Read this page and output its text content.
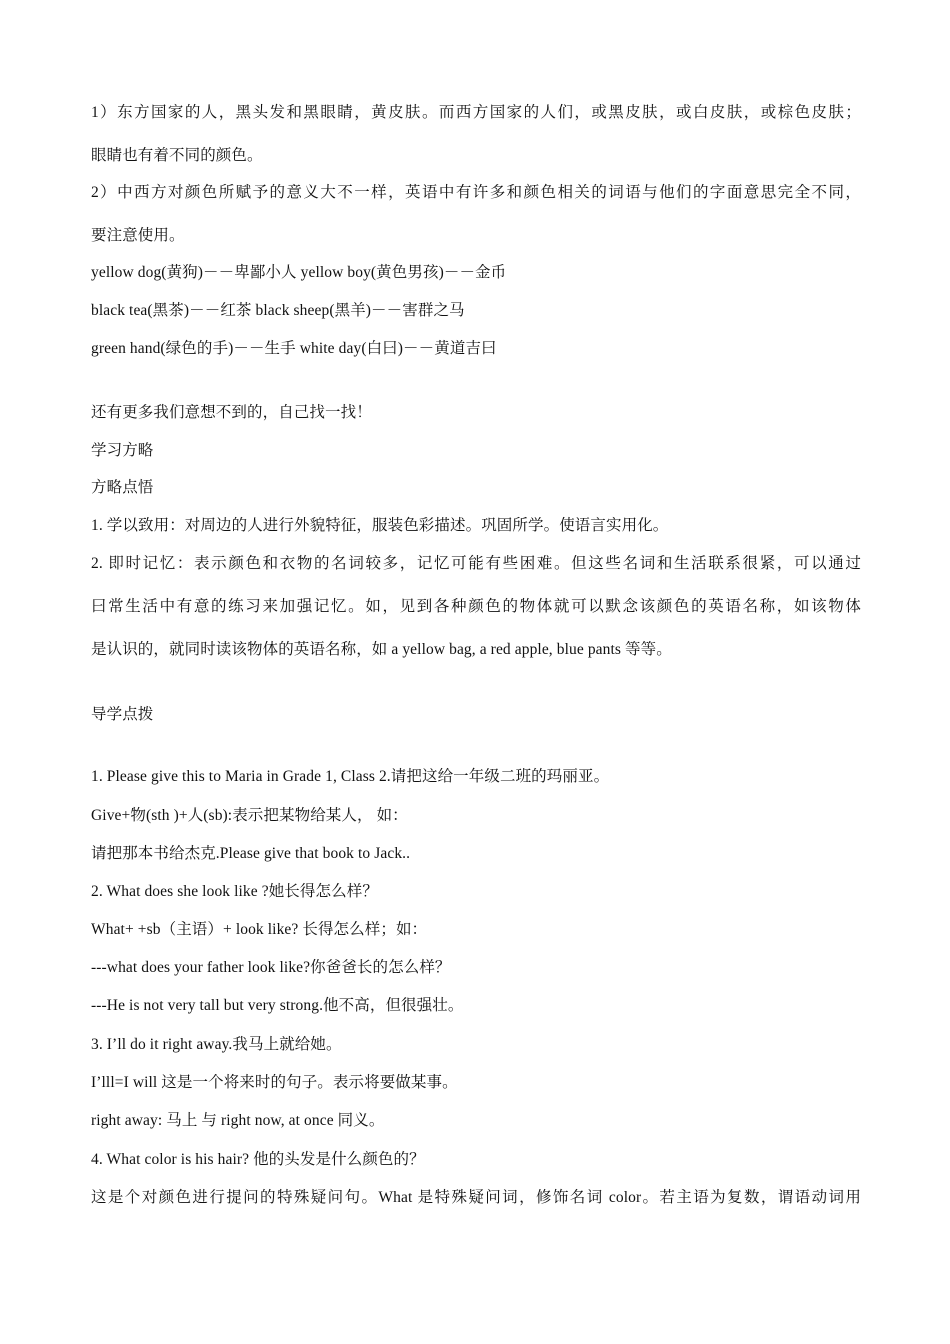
1）东方国家的人，黑头发和黑眼睛，黄皮肤。而西方国家的人们，或黑皮肤，或白皮肤，或棕色皮肤；
眼睛也有着不同的颜色。
2）中西方对颜色所赋予的意义大不一样，英语中有许多和颜色相关的词语与他们的字面意思完全不同，
要注意使用。
yellow dog(黄狗)－－卑鄙小人 yellow boy(黄色男孩)－－金币
black tea(黑茶)－－红茶 black sheep(黑羊)－－害群之马
green hand(绿色的手)－－生手 white day(白曰)－－黄道吉曰
还有更多我们意想不到的，自己找一找！
学习方略
方略点悟
1. 学以致用：对周边的人进行外貌特征，服装色彩描述。巩固所学。使语言实用化。
2. 即时记忆：表示颜色和衣物的名词较多，记忆可能有些困难。但这些名词和生活联系很紧，可以通过
曰常生活中有意的练习来加强记忆。如，见到各种颜色的物体就可以默念该颜色的英语名称，如该物体
是认识的，就同时读该物体的英语名称，如 a yellow bag, a red apple, blue pants 等等。
导学点拨
1. Please give this to Maria in Grade 1, Class 2.请把这给一年级二班的玛丽亚。
Give+物(sth )+人(sb):表示把某物给某人， 如：
请把那本书给杰克.Please give that book to Jack..
2. What does she look like ?她长得怎么样？
What+ +sb（主语）+ look like? 长得怎么样；如：
---what does your father look like?你爸爸长的怎么样？
---He is not very tall but very strong.他不高，但很强壮。
3. I’ll do it right away.我马上就给她。
I’lll=I will 这是一个将来时的句子。表示将要做某事。
right away: 马上 与 right now, at once 同义。
4. What color is his hair? 他的头发是什么颜色的？
这是个对颜色进行提问的特殊疑问句。What 是特殊疑问词，修饰名词 color。若主语为复数，谓语动词用
